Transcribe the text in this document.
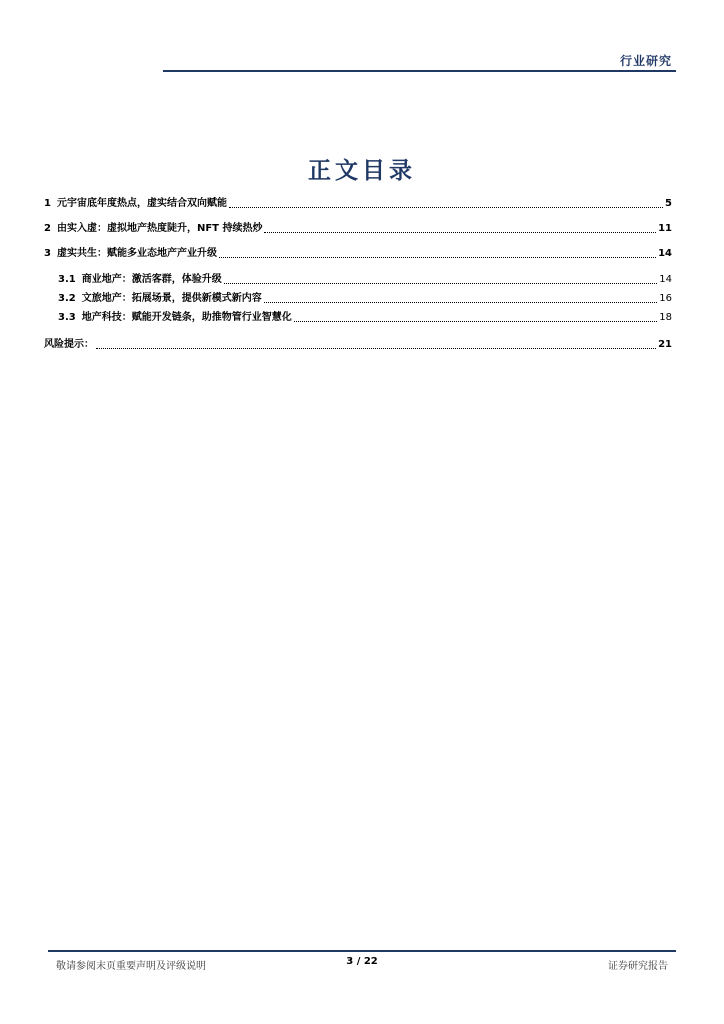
行业研究
正文目录
1 元宇宙底年度热点，虚实结合双向赋能	5
2 由实入虚：虚拟地产热度陡升，NFT 持续热炒	11
3 虚实共生：赋能多业态地产产业升级	14
3.1 商业地产：激活客群，体验升级	14
3.2 文旅地产：拓展场景，提供新模式新内容	16
3.3 地产科技：赋能开发链条，助推物管行业智慧化	18
风险提示：	21
敬请参阅末页重要声明及评级说明	3 / 22	证券研究报告
